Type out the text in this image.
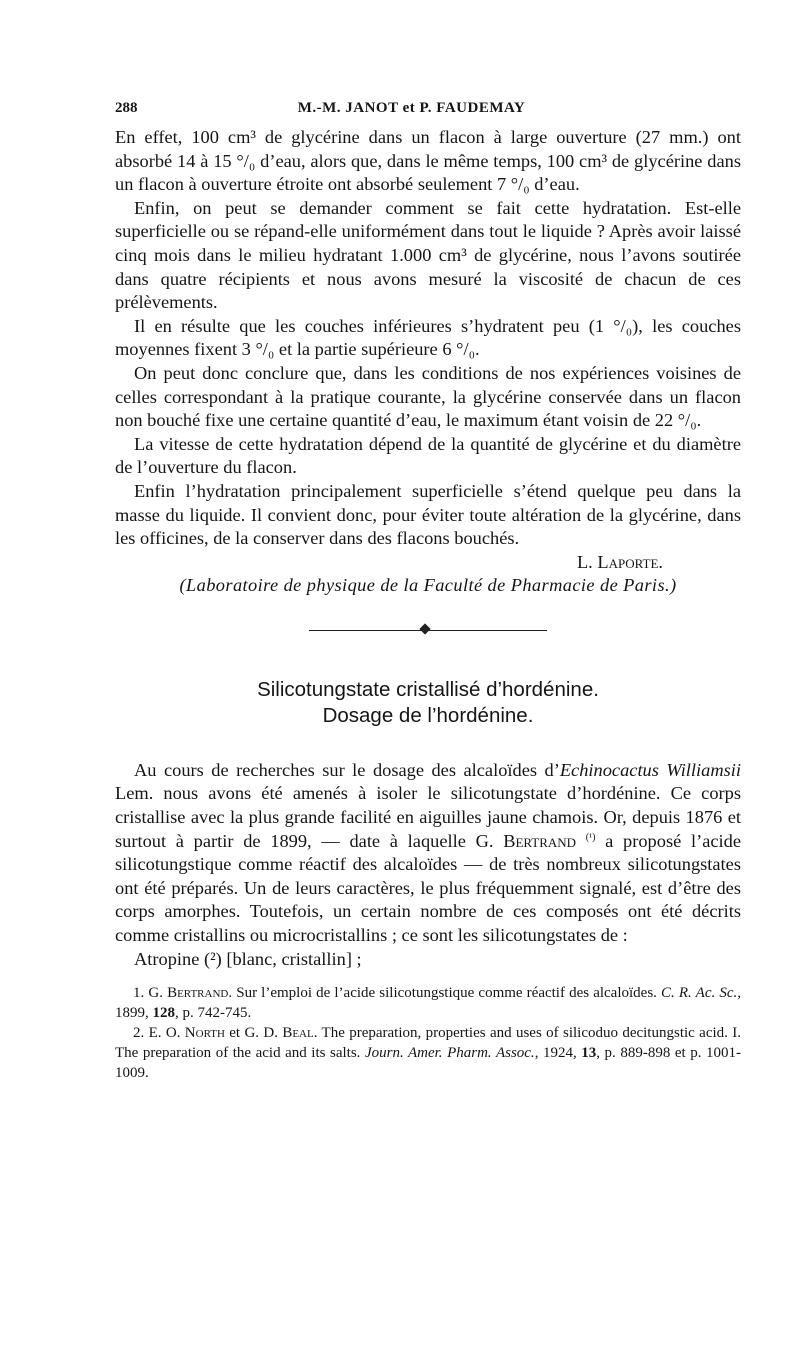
288	M.-M. JANOT et P. FAUDEMAY

En effet, 100 cm³ de glycérine dans un flacon à large ouverture (27 mm.) ont absorbé 14 à 15 °/₀ d’eau, alors que, dans le même temps, 100 cm³ de glycérine dans un flacon à ouverture étroite ont absorbé seulement 7 °/₀ d’eau.

Enfin, on peut se demander comment se fait cette hydratation. Est-elle superficielle ou se répand-elle uniformément dans tout le liquide ? Après avoir laissé cinq mois dans le milieu hydratant 1.000 cm³ de glycérine, nous l’avons soutirée dans quatre récipients et nous avons mesuré la viscosité de chacun de ces prélèvements.

Il en résulte que les couches inférieures s’hydratent peu (1 °/₀), les couches moyennes fixent 3 °/₀ et la partie supérieure 6 °/₀.

On peut donc conclure que, dans les conditions de nos expériences voisines de celles correspondant à la pratique courante, la glycérine conservée dans un flacon non bouché fixe une certaine quantité d’eau, le maximum étant voisin de 22 °/₀.

La vitesse de cette hydratation dépend de la quantité de glycérine et du diamètre de l’ouverture du flacon.

Enfin l’hydratation principalement superficielle s’étend quelque peu dans la masse du liquide. Il convient donc, pour éviter toute altération de la glycérine, dans les officines, de la conserver dans des flacons bouchés.

L. Laporte.

(Laboratoire de physique de la Faculté de Pharmacie de Paris.)

Silicotungstate cristallisé d’hordénine.
Dosage de l’hordénine.

Au cours de recherches sur le dosage des alcaloïdes d’Echinocactus Williamsii Lem. nous avons été amenés à isoler le silicotungstate d’hordénine. Ce corps cristallise avec la plus grande facilité en aiguilles jaune chamois. Or, depuis 1876 et surtout à partir de 1899, — date à laquelle G. Bertrand $^{(^1)}$ a proposé l’acide silicotungstique comme réactif des alcaloïdes — de très nombreux silicotungstates ont été préparés. Un de leurs caractères, le plus fréquemment signalé, est d’être des corps amorphes. Toutefois, un certain nombre de ces composés ont été décrits comme cristallins ou microcristallins ; ce sont les silicotungstates de :

Atropine (²) [blanc, cristallin] ;

1. G. Bertrand. Sur l’emploi de l’acide silicotungstique comme réactif des alcaloïdes. C. R. Ac. Sc., 1899, 128, p. 742-745.

2. E. O. North et G. D. Beal. The preparation, properties and uses of silicoduo decitungstic acid. I. The preparation of the acid and its salts. Journ. Amer. Pharm. Assoc., 1924, 13, p. 889-898 et p. 1001-1009.
